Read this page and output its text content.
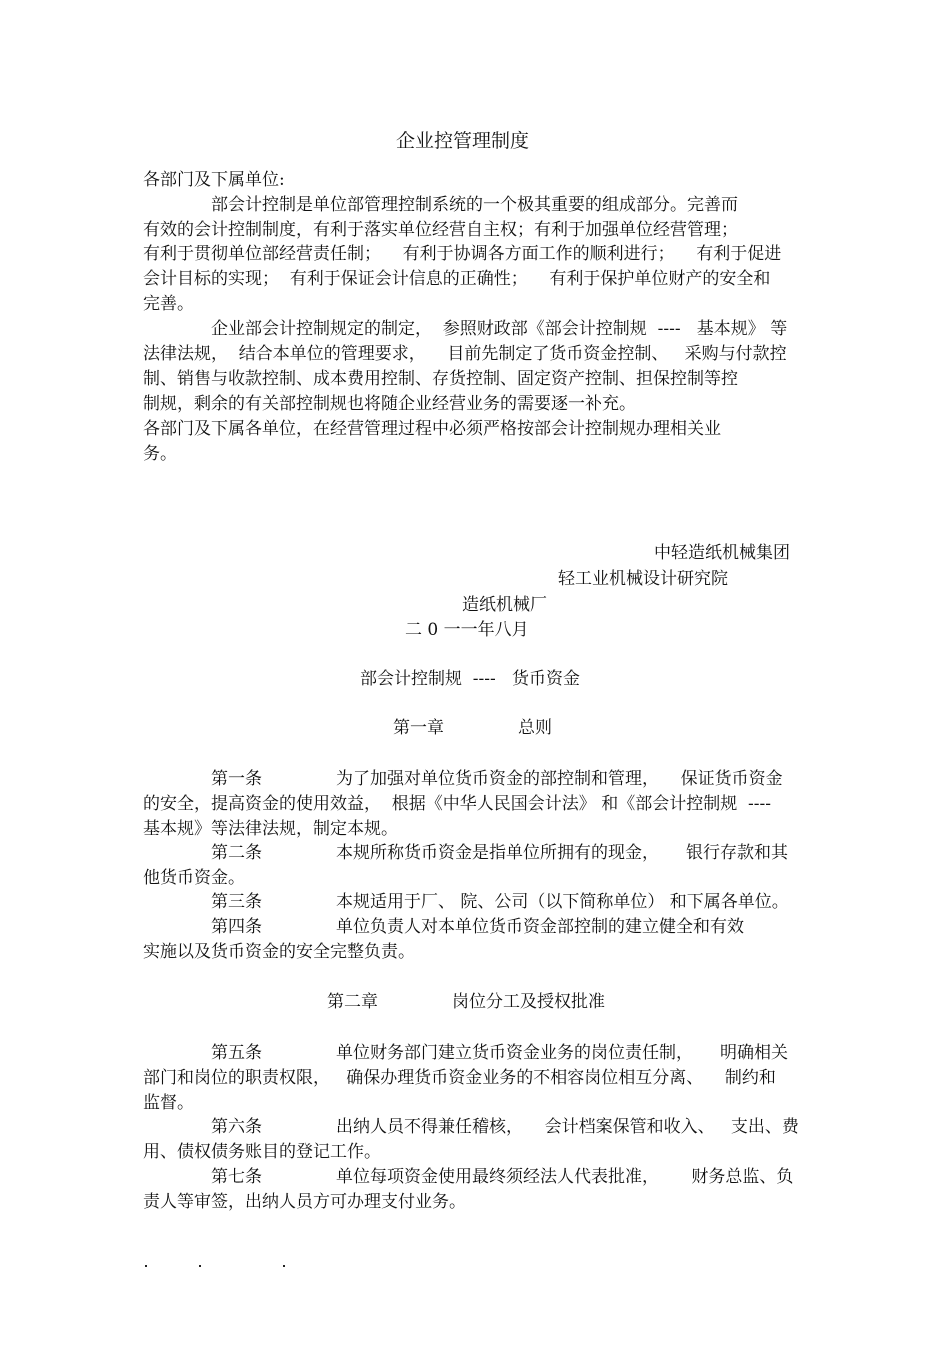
企业控管理制度
各部门及下属单位:
部会计控制是单位部管理控制系统的一个极其重要的组成部分。完善而
有效的会计控制制度，有利于落实单位经营自主权；有利于加强单位经营管理；
有利于贯彻单位部经营责任制；    有利于协调各方面工作的顺利进行；    有利于促进
会计目标的实现；  有利于保证会计信息的正确性；    有利于保护单位财产的安全和
完善。
企业部会计控制规定的制定，  参照财政部《部会计控制规  ----   基本规》 等
法律法规，  结合本单位的管理要求，    目前先制定了货币资金控制、   采购与付款控
制、销售与收款控制、成本费用控制、存货控制、固定资产控制、担保控制等控
制规，剩余的有关部控制规也将随企业经营业务的需要逐一补充。
各部门及下属各单位，在经营管理过程中必须严格按部会计控制规办理相关业
务。
中轻造纸机械集团
轻工业机械设计研究院
造纸机械厂
二 0 一一年八月
部会计控制规  ----   货币资金
第一章	总则
第一条	为了加强对单位货币资金的部控制和管理，    保证货币资金
的安全，提高资金的使用效益，  根据《中华人民国会计法》 和《部会计控制规  ----
基本规》等法律法规，制定本规。
第二条	本规所称货币资金是指单位所拥有的现金，     银行存款和其
他货币资金。
第三条	本规适用于厂、 院、公司（以下简称单位） 和下属各单位。
第四条	单位负责人对本单位货币资金部控制的建立健全和有效
实施以及货币资金的安全完整负责。
第二章	岗位分工及授权批准
第五条	单位财务部门建立货币资金业务的岗位责任制，     明确相关
部门和岗位的职责权限，   确保办理货币资金业务的不相容岗位相互分离、    制约和
监督。
第六条	出纳人员不得兼任稽核，    会计档案保管和收入、   支出、费
用、债权债务账目的登记工作。
第七条	单位每项资金使用最终须经法人代表批准，      财务总监、负
责人等审签，出纳人员方可办理支付业务。
